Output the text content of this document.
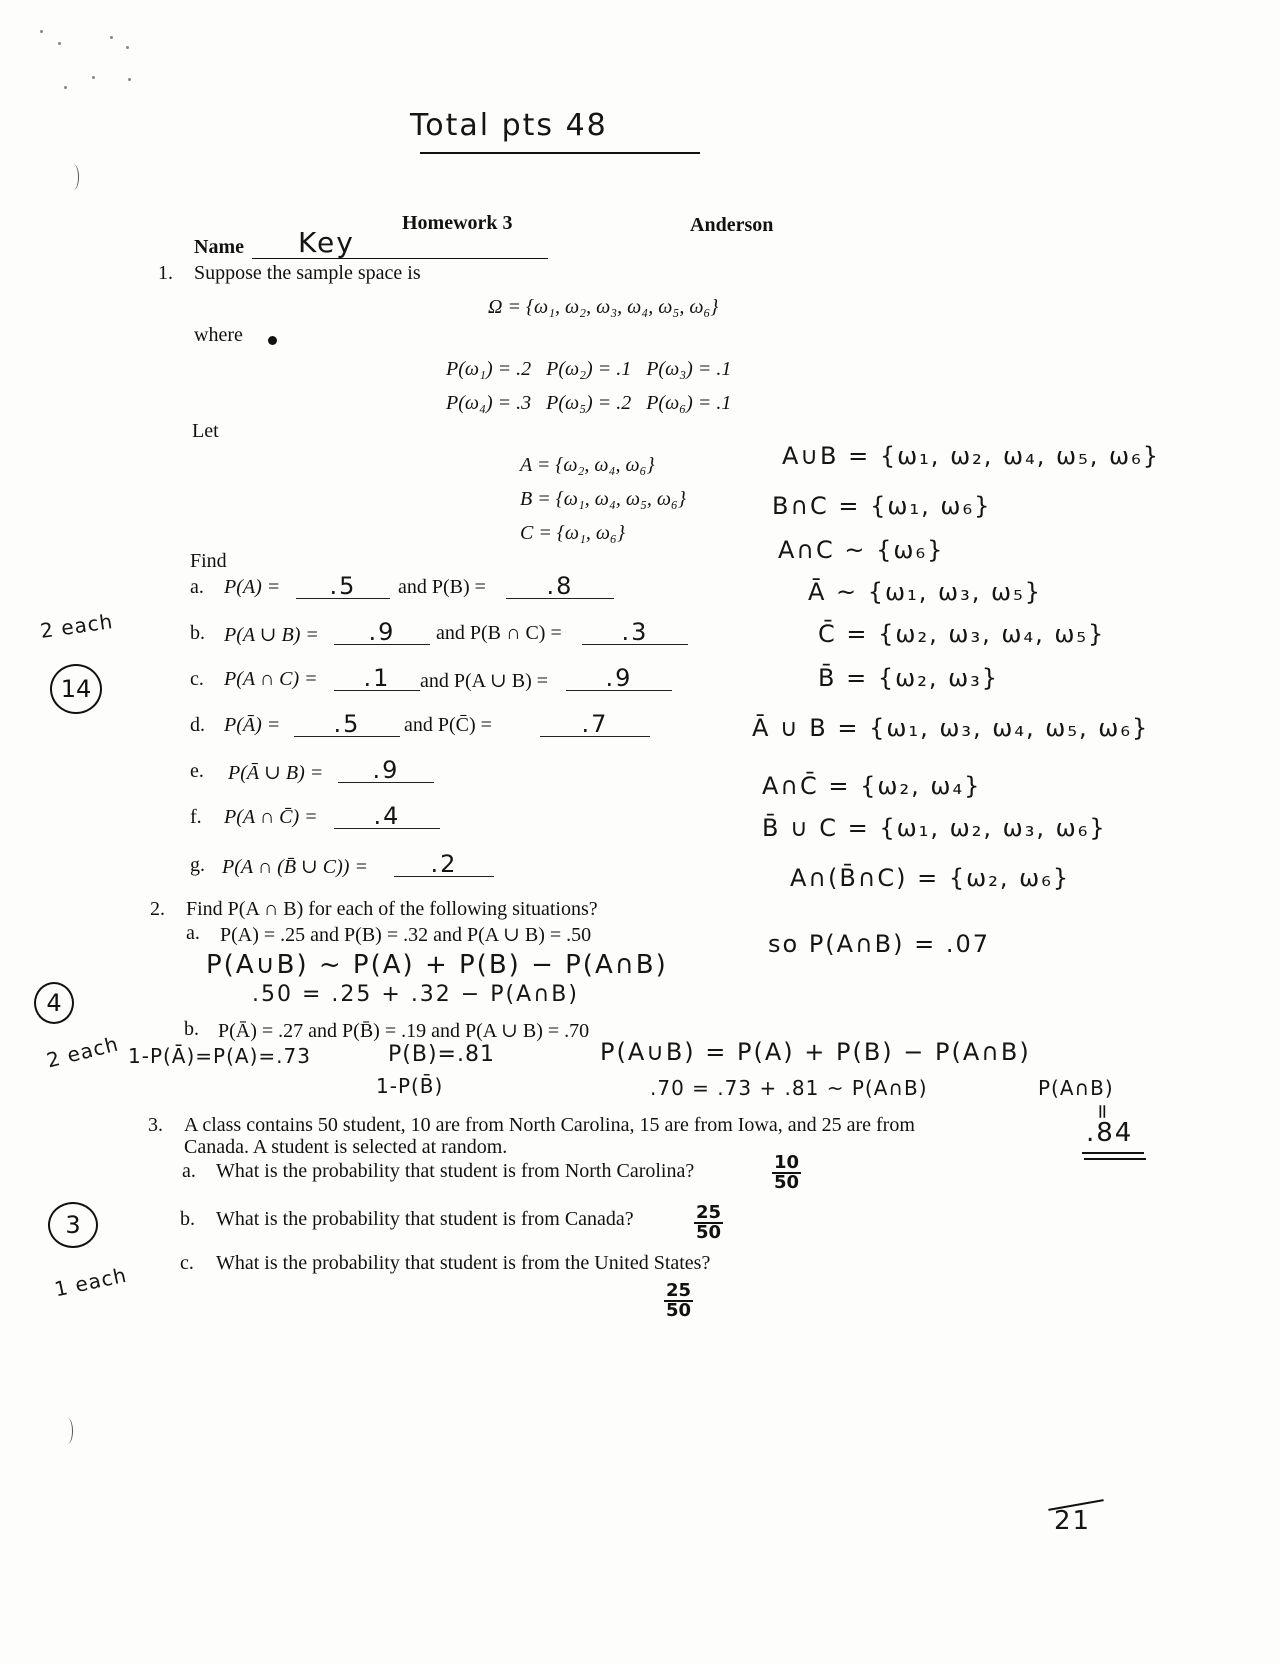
Total pts 48
Homework 3	Anderson
Name Key
1. Suppose the sample space is
Ω = {ω₁, ω₂, ω₃, ω₄, ω₅, ω₆}
where
P(ω₁) = .2   P(ω₂) = .1   P(ω₃) = .1
P(ω₄) = .3   P(ω₅) = .2   P(ω₆) = .1
Let
A = {ω₂, ω₄, ω₆}
B = {ω₁, ω₄, ω₅, ω₆}
C = {ω₁, ω₆}
Find
a. P(A) =	.5	and P(B) =	.8
b. P(A ∪ B) =	.9	and P(B ∩ C) =	.3
c. P(A ∩ C) =	.1	and P(A ∪ B) =	.9
d. P(Ā) =	.5	and P(C̄) =	.7
e. P(Ā ∪ B) =	.9
f. P(A ∩ C̄) =	.4
g. P(A ∩ (B̄ ∪ C)) =	.2
A∪B = {ω₁, ω₂, ω₄, ω₅, ω₆}
B∩C = {ω₁, ω₆}
A∩C ~ {ω₆}
Ā ~ {ω₁, ω₃, ω₅}
C̄ = {ω₂, ω₃, ω₄, ω₅}
B̄ = {ω₂, ω₃}
Ā ∪ B = {ω₁, ω₃, ω₄, ω₅, ω₆}
A∩C̄ = {ω₂, ω₄}
B̄ ∪ C = {ω₁, ω₂, ω₃, ω₆}
A∩(B̄∩C) = {ω₂, ω₆}
2 each
14
2. Find P(A ∩ B) for each of the following situations?
a. P(A) = .25 and P(B) = .32 and P(A ∪ B) = .50
P(A∪B) ~ P(A) + P(B) − P(A∩B)
.50 = .25 + .32 − P(A∩B)
so P(A∩B) = .07
b. P(Ā) = .27 and P(B̄) = .19 and P(A ∪ B) = .70
1-P(Ā)=P(A)=.73	P(B)=.81
1-P(B̄)
P(A∪B) = P(A) + P(B) − P(A∩B)
.70 = .73 + .81 ~ P(A∩B)	P(A∩B)
=
.84
4
2 each
3. A class contains 50 student, 10 are from North Carolina, 15 are from Iowa, and 25 are from
Canada. A student is selected at random.
a. What is the probability that student is from North Carolina?	$\frac{10}{50}$
b. What is the probability that student is from Canada?	$\frac{25}{50}$
c. What is the probability that student is from the United States?
$\frac{25}{50}$
3
1 each
21
